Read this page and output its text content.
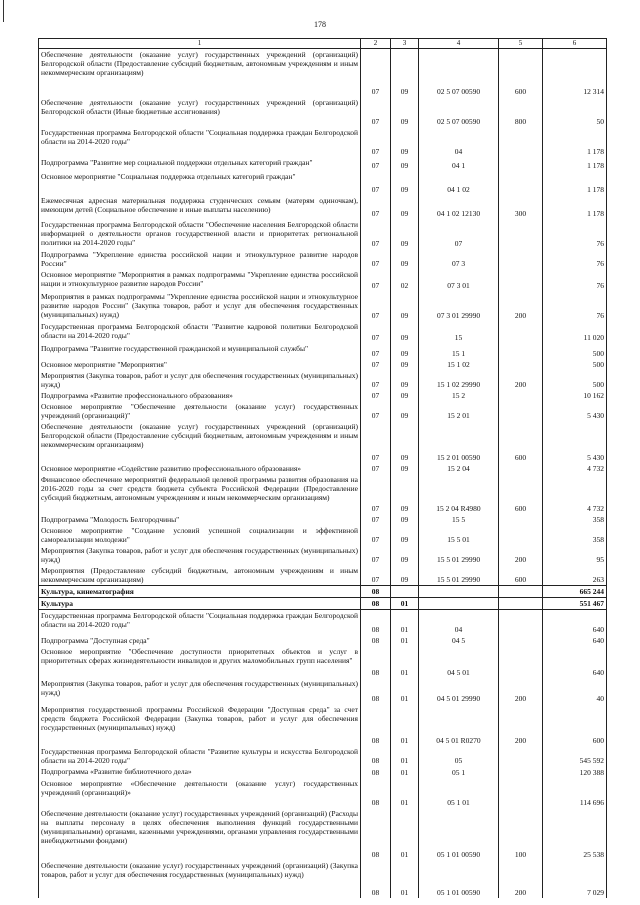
178
1	2	3	4	5	6
Обеспечение деятельности (оказание услуг) государственных учреждений (организаций) Белгородской области (Предоставление субсидий бюджетным, автономным учреждениям и иным некоммерческим организациям)	07	09	02 5 07 00590	600	12 314
Обеспечение деятельности (оказание услуг) государственных учреждений (организаций) Белгородской области (Иные бюджетные ассигнования)	07	09	02 5 07 00590	800	50
Государственная программа Белгородской области "Социальная поддержка граждан Белгородской области на 2014-2020 годы"	07	09	04		1 178
Подпрограмма "Развитие мер социальной поддержки отдельных категорий граждан"	07	09	04 1		1 178
Основное мероприятие "Социальная поддержка отдельных категорий граждан"	07	09	04 1 02		1 178
Ежемесячная адресная материальная поддержка студенческих семьям (матерям одиночкам), имеющим детей (Социальное обеспечение и иные выплаты населению)	07	09	04 1 02 12130	300	1 178
Государственная программа Белгородской области "Обеспечение населения Белгородской области информацией о деятельности органов государственной власти и приоритетах региональной политики на 2014-2020 годы"	07	09	07		76
Подпрограмма "Укрепление единства российской нации и этнокультурное развитие народов России"	07	09	07 3		76
Основное мероприятие "Мероприятия в рамках подпрограммы "Укрепление единства российской нации и этнокультурное развитие народов России"	07	02	07 3 01		76
Мероприятия в рамках подпрограммы "Укрепление единства российской нации и этнокультурное развитие народов России" (Закупка товаров, работ и услуг для обеспечения государственных (муниципальных) нужд)	07	09	07 3 01 29990	200	76
Государственная программа Белгородской области "Развитие кадровой политики Белгородской области на 2014-2020 годы"	07	09	15		11 020
Подпрограмма "Развитие государственной гражданской и муниципальной службы"	07	09	15 1		500
Основное мероприятие "Мероприятия"	07	09	15 1 02		500
Мероприятия (Закупка товаров, работ и услуг для обеспечения государственных (муниципальных) нужд)	07	09	15 1 02 29990	200	500
Подпрограмма «Развитие профессионального образования»	07	09	15 2		10 162
Основное мероприятие "Обеспечение деятельности (оказание услуг) государственных учреждений (организаций)"	07	09	15 2 01		5 430
Обеспечение деятельности (оказание услуг) государственных учреждений (организаций) Белгородской области (Предоставление субсидий бюджетным, автономным учреждениям и иным некоммерческим организациям)	07	09	15 2 01 00590	600	5 430
Основное мероприятие «Содействие развитию профессионального образования»	07	09	15 2 04		4 732
Финансовое обеспечение мероприятий федеральной целевой программы развития образования на 2016-2020 годы за счет средств бюджета субъекта Российской Федерации (Предоставление субсидий бюджетным, автономным учреждениям и иным некоммерческим организациям)	07	09	15 2 04 R4980	600	4 732
Подпрограмма "Молодость Белгородчины"	07	09	15 5		358
Основное мероприятие "Создание условий успешной социализации и эффективной самореализации молодежи"	07	09	15 5 01		358
Мероприятия (Закупка товаров, работ и услуг для обеспечения государственных (муниципальных) нужд)	07	09	15 5 01 29990	200	95
Мероприятия (Предоставление субсидий бюджетным, автономным учреждениям и иным некоммерческим организациям)	07	09	15 5 01 29990	600	263
Культура, кинематография	08				665 244
Культура	08	01			551 467
Государственная программа Белгородской области "Социальная поддержка граждан Белгородской области на 2014-2020 годы"	08	01	04		640
Подпрограмма "Доступная среда"	08	01	04 5		640
Основное мероприятие "Обеспечение доступности приоритетных объектов и услуг в приоритетных сферах жизнедеятельности инвалидов и других маломобильных групп населения"	08	01	04 5 01		640
Мероприятия (Закупка товаров, работ и услуг для обеспечения государственных (муниципальных) нужд)	08	01	04 5 01 29990	200	40
Мероприятия государственной программы Российской Федерации "Доступная среда" за счет средств бюджета Российской Федерации (Закупка товаров, работ и услуг для обеспечения государственных (муниципальных) нужд)	08	01	04 5 01 R0270	200	600
Государственная программа Белгородской области "Развитие культуры и искусства Белгородской области на 2014-2020 годы"	08	01	05		545 592
Подпрограмма «Развитие библиотечного дела»	08	01	05 1		120 388
Основное мероприятие «Обеспечение деятельности (оказание услуг) государственных учреждений (организаций)»	08	01	05 1 01		114 696
Обеспечение деятельности (оказание услуг) государственных учреждений (организаций) (Расходы на выплаты персоналу в целях обеспечения выполнения функций государственными (муниципальными) органами, казенными учреждениями, органами управления государственными внебюджетными фондами)	08	01	05 1 01 00590	100	25 538
Обеспечение деятельности (оказание услуг) государственных учреждений (организаций) (Закупка товаров, работ и услуг для обеспечения государственных (муниципальных) нужд)	08	01	05 1 01 00590	200	7 029
